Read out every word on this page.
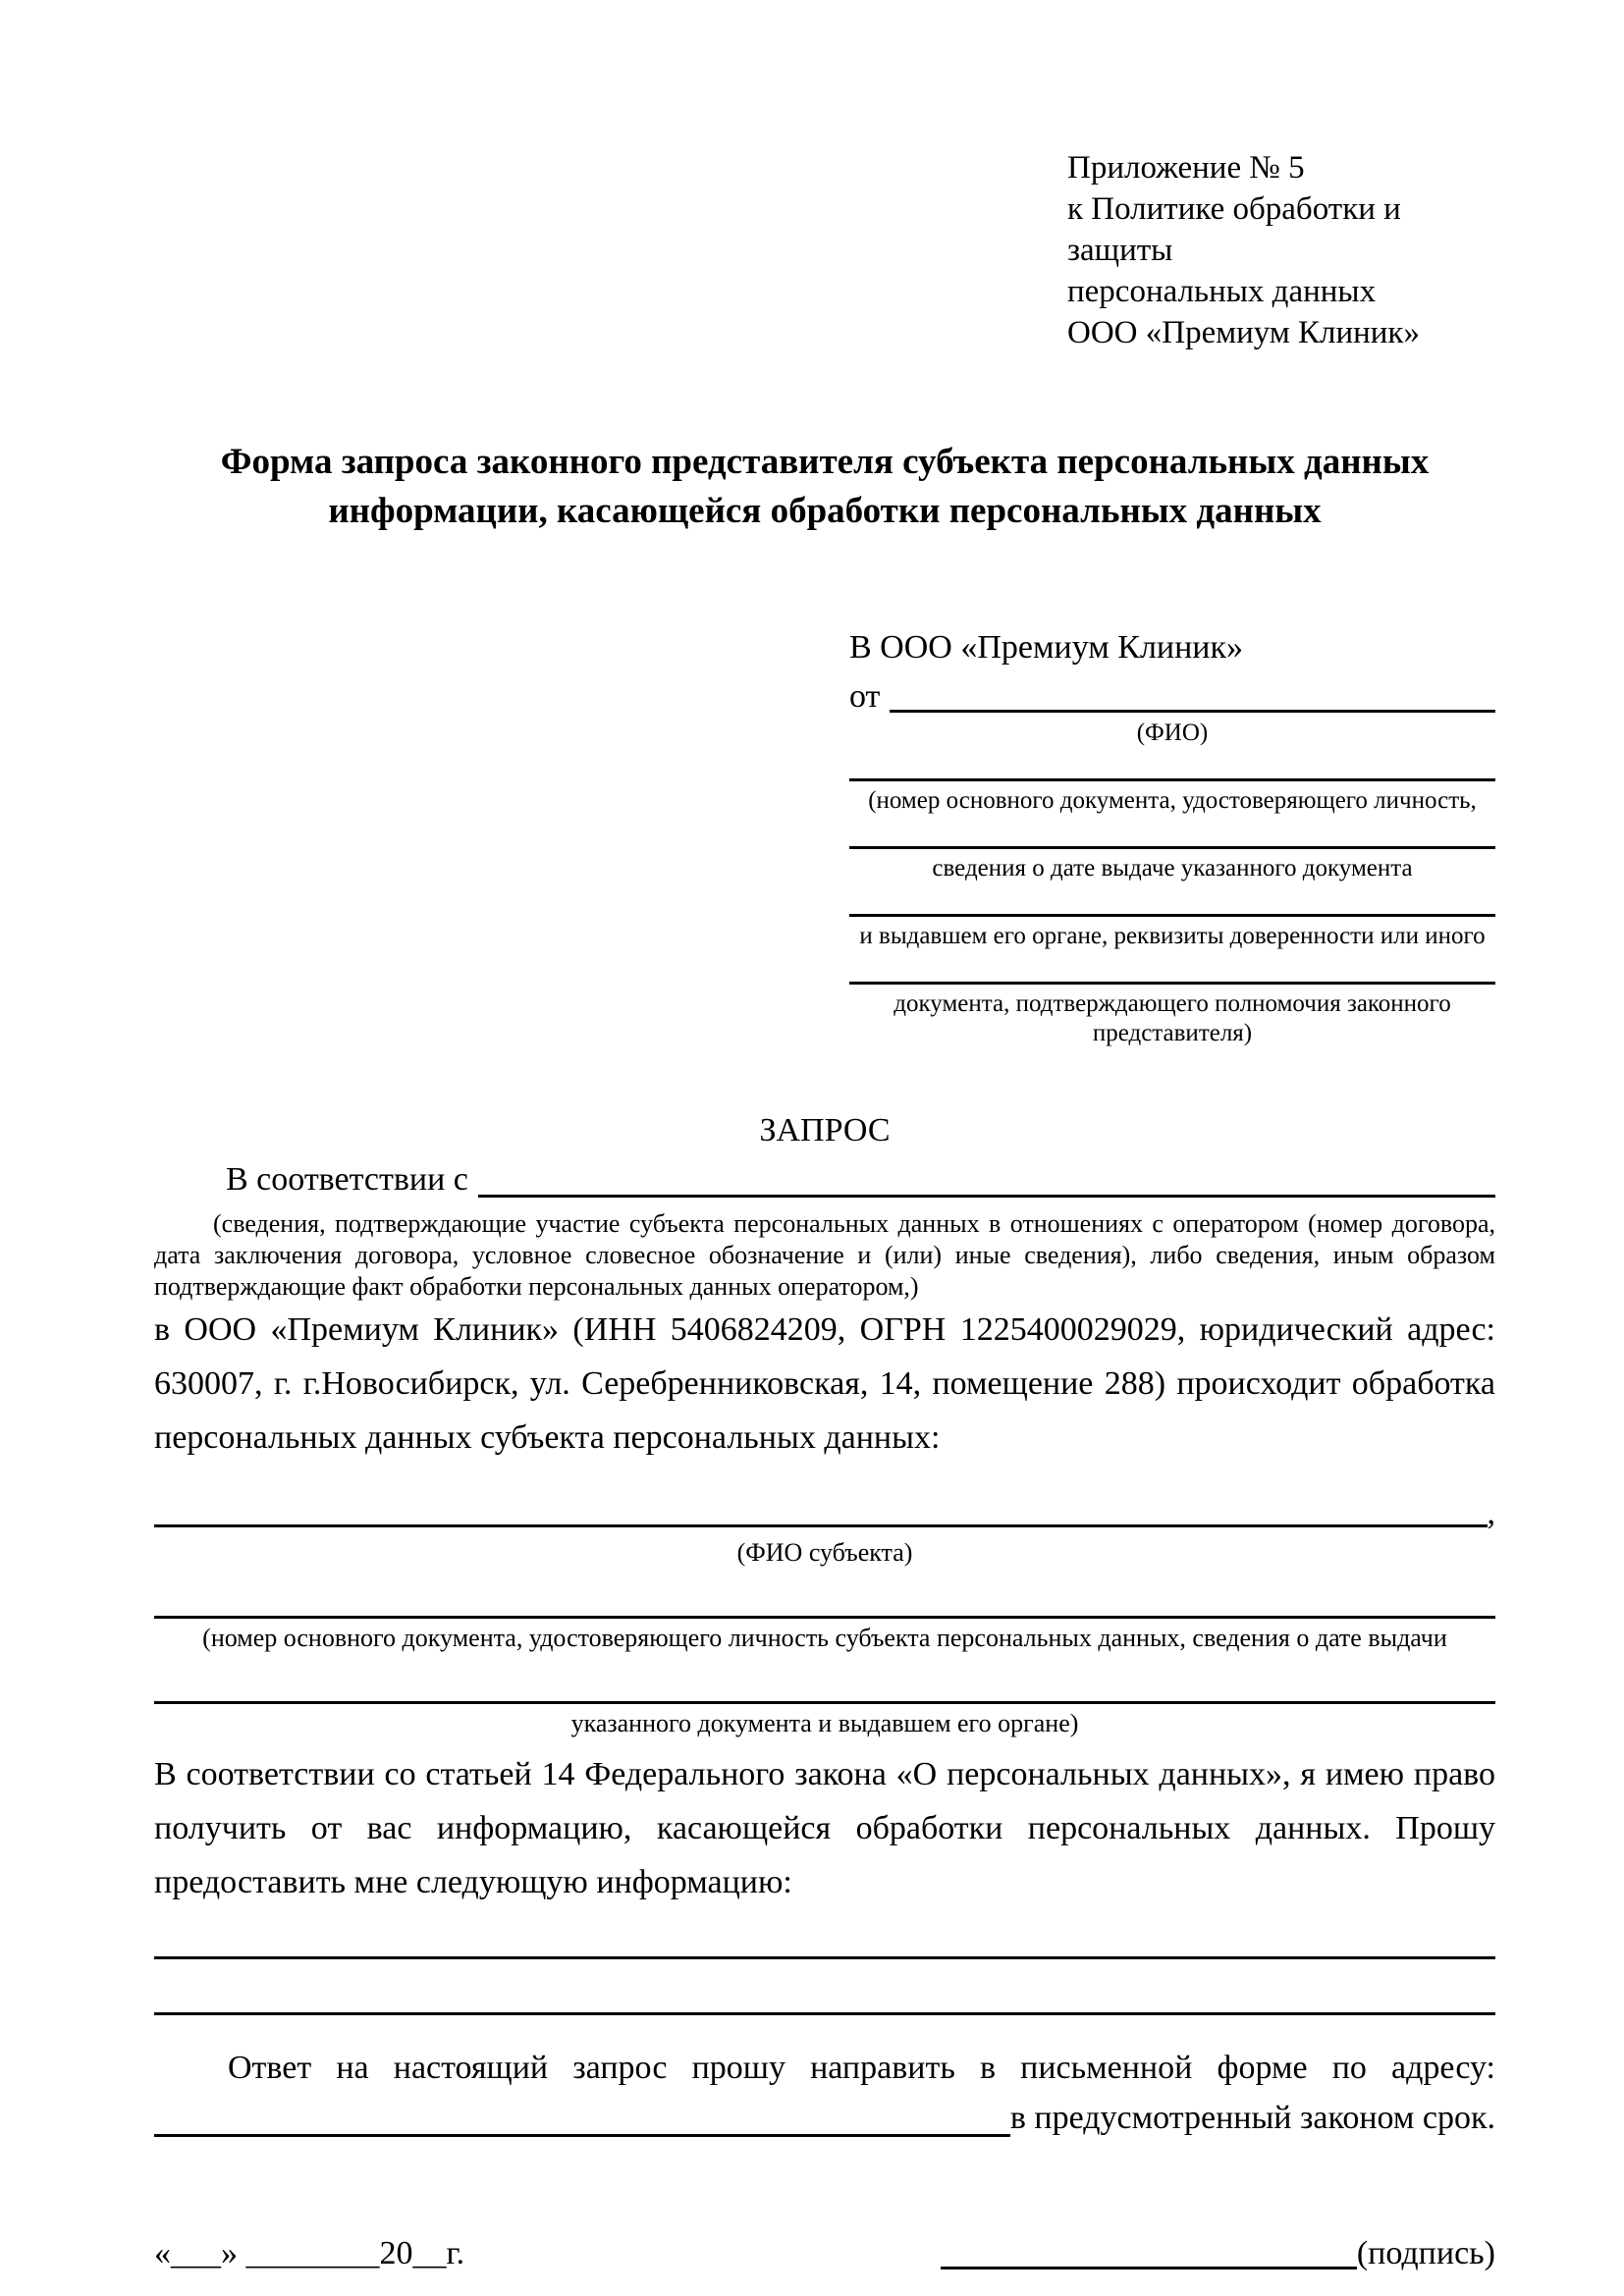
Приложение № 5
к Политике обработки и защиты
персональных данных
ООО «Премиум Клиник»
Форма запроса законного представителя субъекта персональных данных информации, касающейся обработки персональных данных
В ООО «Премиум Клиник»
от
(ФИО)
(номер основного документа, удостоверяющего личность,
сведения о дате выдаче указанного документа
и выдавшем его органе, реквизиты доверенности или иного
документа, подтверждающего полномочия законного представителя)
ЗАПРОС
В соответствии с
(сведения, подтверждающие участие субъекта персональных данных в отношениях с оператором (номер договора, дата заключения договора, условное словесное обозначение и (или) иные сведения), либо сведения, иным образом подтверждающие факт обработки персональных данных оператором,)

в ООО «Премиум Клиник» (ИНН 5406824209, ОГРН 1225400029029, юридический адрес: 630007, г. г.Новосибирск, ул. Серебренниковская, 14, помещение 288) происходит обработка персональных данных субъекта персональных данных:

,
(ФИО субъекта)
(номер основного документа, удостоверяющего личность субъекта персональных данных, сведения о дате выдачи
указанного документа и выдавшем его органе)

В соответствии со статьей 14 Федерального закона «О персональных данных», я имею право получить от вас информацию, касающейся обработки персональных данных. Прошу предоставить мне следующую информацию:

Ответ на настоящий запрос прошу направить в письменной форме по адресу:
в предусмотренный законом срок.
«___» ________20__г.	(подпись)
